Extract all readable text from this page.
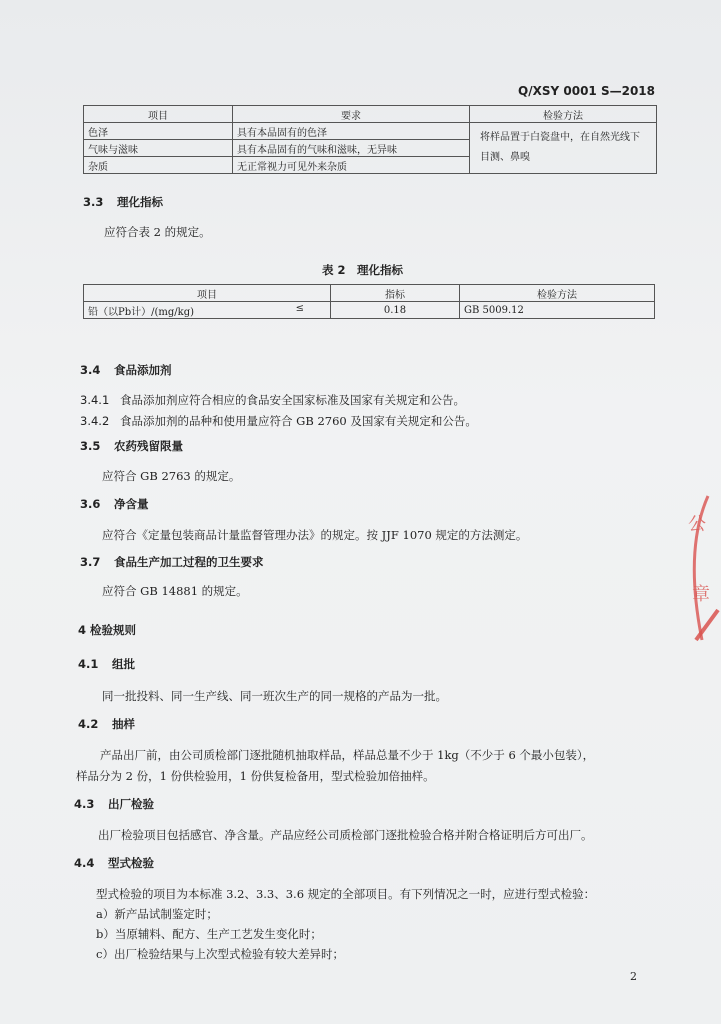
Q/XSY 0001 S—2018
项目	要求	检验方法
色泽	具有本品固有的色泽	将样品置于白瓷盘中，在自然光线下目测、鼻嗅
气味与滋味	具有本品固有的气味和滋味，无异味	
杂质	无正常视力可见外来杂质	
3.3 理化指标
应符合表 2 的规定。
表 2　理化指标
项目	指标	检验方法
铅（以Pb计）/(mg/kg) ≤	0.18	GB 5009.12
3.4 食品添加剂
3.4.1 食品添加剂应符合相应的食品安全国家标准及国家有关规定和公告。
3.4.2 食品添加剂的品种和使用量应符合 GB 2760 及国家有关规定和公告。
3.5 农药残留限量
应符合 GB 2763 的规定。
3.6 净含量
应符合《定量包装商品计量监督管理办法》的规定。按 JJF 1070 规定的方法测定。
3.7 食品生产加工过程的卫生要求
应符合 GB 14881 的规定。
4 检验规则
4.1 组批
同一批投料、同一生产线、同一班次生产的同一规格的产品为一批。
4.2 抽样
产品出厂前，由公司质检部门逐批随机抽取样品，样品总量不少于 1kg（不少于 6 个最小包装），
样品分为 2 份，1 份供检验用，1 份供复检备用，型式检验加倍抽样。
4.3 出厂检验
出厂检验项目包括感官、净含量。产品应经公司质检部门逐批检验合格并附合格证明后方可出厂。
4.4 型式检验
型式检验的项目为本标准 3.2、3.3、3.6 规定的全部项目。有下列情况之一时，应进行型式检验：
a）新产品试制鉴定时；
b）当原辅料、配方、生产工艺发生变化时；
c）出厂检验结果与上次型式检验有较大差异时；
2
公
章
